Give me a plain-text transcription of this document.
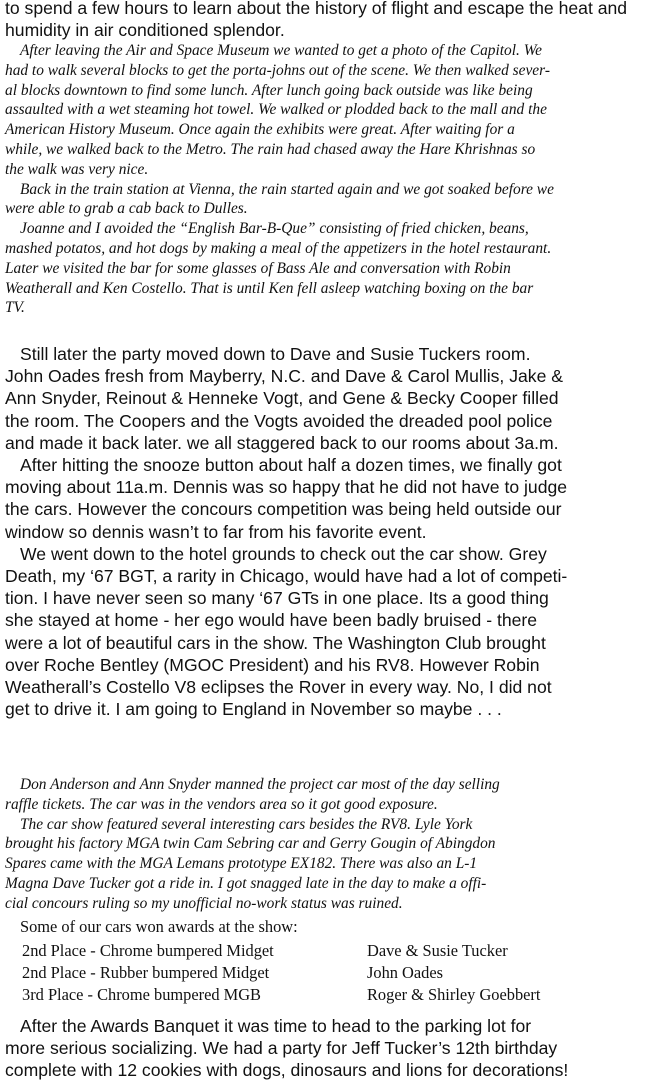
to spend a few hours to learn about the history of flight and escape the heat and
humidity in air conditioned splendor.
After leaving the Air and Space Museum we wanted to get a photo of the Capitol. We
had to walk several blocks to get the porta-johns out of the scene. We then walked sever-
al blocks downtown to find some lunch. After lunch going back outside was like being
assaulted with a wet steaming hot towel. We walked or plodded back to the mall and the
American History Museum. Once again the exhibits were great. After waiting for a
while, we walked back to the Metro. The rain had chased away the Hare Khrishnas so
the walk was very nice.
Back in the train station at Vienna, the rain started again and we got soaked before we
were able to grab a cab back to Dulles.
Joanne and I avoided the “English Bar-B-Que” consisting of fried chicken, beans,
mashed potatos, and hot dogs by making a meal of the appetizers in the hotel restaurant.
Later we visited the bar for some glasses of Bass Ale and conversation with Robin
Weatherall and Ken Costello. That is until Ken fell asleep watching boxing on the bar
TV.
Still later the party moved down to Dave and Susie Tuckers room.
John Oades fresh from Mayberry, N.C. and Dave & Carol Mullis, Jake &
Ann Snyder, Reinout & Henneke Vogt, and Gene & Becky Cooper filled
the room. The Coopers and the Vogts avoided the dreaded pool police
and made it back later. we all staggered back to our rooms about 3a.m.
After hitting the snooze button about half a dozen times, we finally got
moving about 11a.m. Dennis was so happy that he did not have to judge
the cars. However the concours competition was being held outside our
window so dennis wasn’t to far from his favorite event.
We went down to the hotel grounds to check out the car show. Grey
Death, my ‘67 BGT, a rarity in Chicago, would have had a lot of competi-
tion. I have never seen so many ‘67 GTs in one place. Its a good thing
she stayed at home - her ego would have been badly bruised - there
were a lot of beautiful cars in the show. The Washington Club brought
over Roche Bentley (MGOC President) and his RV8. However Robin
Weatherall’s Costello V8 eclipses the Rover in every way. No, I did not
get to drive it. I am going to England in November so maybe . . .
Don Anderson and Ann Snyder manned the project car most of the day selling
raffle tickets. The car was in the vendors area so it got good exposure.
The car show featured several interesting cars besides the RV8. Lyle York
brought his factory MGA twin Cam Sebring car and Gerry Gougin of Abingdon
Spares came with the MGA Lemans prototype EX182. There was also an L-1
Magna Dave Tucker got a ride in. I got snagged late in the day to make a offi-
cial concours ruling so my unofficial no-work status was ruined.
Some of our cars won awards at the show:
2nd Place - Chrome bumpered Midget	Dave & Susie Tucker
2nd Place - Rubber bumpered Midget	John Oades
3rd Place - Chrome bumpered MGB	Roger & Shirley Goebbert
After the Awards Banquet it was time to head to the parking lot for
more serious socializing. We had a party for Jeff Tucker’s 12th birthday
complete with 12 cookies with dogs, dinosaurs and lions for decorations!
